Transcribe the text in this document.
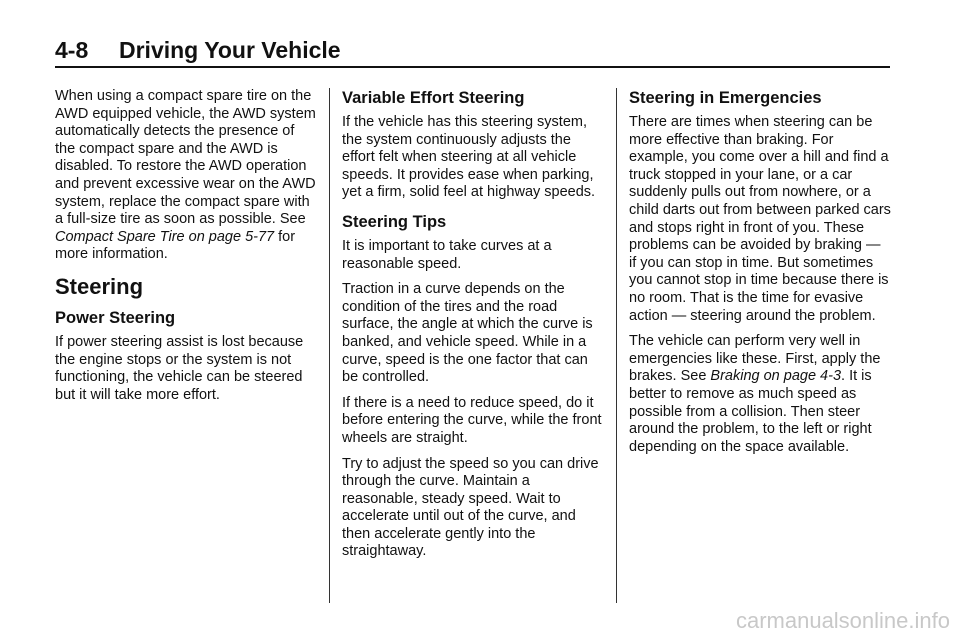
4-8 Driving Your Vehicle

When using a compact spare tire on the AWD equipped vehicle, the AWD system automatically detects the presence of the compact spare and the AWD is disabled. To restore the AWD operation and prevent excessive wear on the AWD system, replace the compact spare with a full-size tire as soon as possible. See Compact Spare Tire on page 5-77 for more information.

Steering
Power Steering

If power steering assist is lost because the engine stops or the system is not functioning, the vehicle can be steered but it will take more effort.

Variable Effort Steering

If the vehicle has this steering system, the system continuously adjusts the effort felt when steering at all vehicle speeds. It provides ease when parking, yet a firm, solid feel at highway speeds.

Steering Tips

It is important to take curves at a reasonable speed.

Traction in a curve depends on the condition of the tires and the road surface, the angle at which the curve is banked, and vehicle speed. While in a curve, speed is the one factor that can be controlled.

If there is a need to reduce speed, do it before entering the curve, while the front wheels are straight.

Try to adjust the speed so you can drive through the curve. Maintain a reasonable, steady speed. Wait to accelerate until out of the curve, and then accelerate gently into the straightaway.

Steering in Emergencies

There are times when steering can be more effective than braking. For example, you come over a hill and find a truck stopped in your lane, or a car suddenly pulls out from nowhere, or a child darts out from between parked cars and stops right in front of you. These problems can be avoided by braking — if you can stop in time. But sometimes you cannot stop in time because there is no room. That is the time for evasive action — steering around the problem.

The vehicle can perform very well in emergencies like these. First, apply the brakes. See Braking on page 4-3. It is better to remove as much speed as possible from a collision. Then steer around the problem, to the left or right depending on the space available.

carmanualsonline.info
